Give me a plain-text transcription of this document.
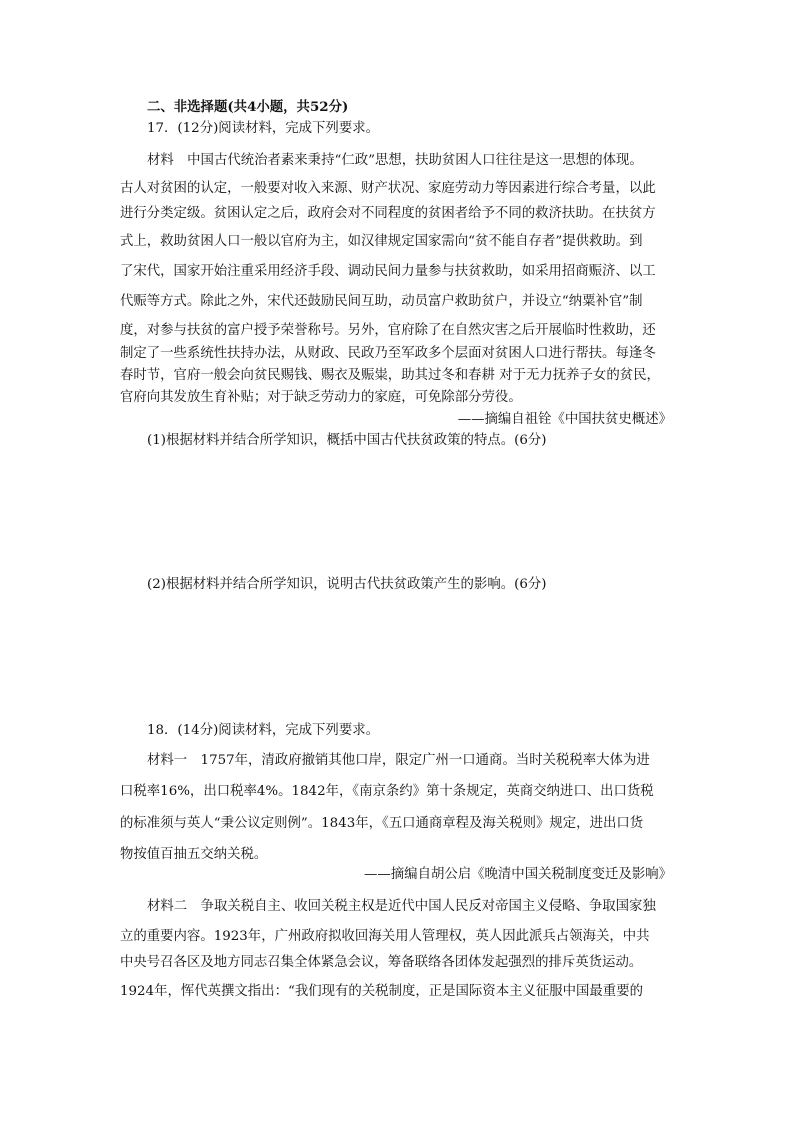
二、非选择题(共4小题，共52分)
17．(12分)阅读材料，完成下列要求。
材料　中国古代统治者素来秉持“仁政”思想，扶助贫困人口往往是这一思想的体现。
古人对贫困的认定，一般要对收入来源、财产状况、家庭劳动力等因素进行综合考量，以此
进行分类定级。贫困认定之后，政府会对不同程度的贫困者给予不同的救济扶助。在扶贫方
式上，救助贫困人口一般以官府为主，如汉律规定国家需向“贫不能自存者”提供救助。到
了宋代，国家开始注重采用经济手段、调动民间力量参与扶贫救助，如采用招商赈济、以工
代赈等方式。除此之外，宋代还鼓励民间互助，动员富户救助贫户，并设立“纳粟补官”制
度，对参与扶贫的富户授予荣誉称号。另外，官府除了在自然灾害之后开展临时性救助，还
制定了一些系统性扶持办法，从财政、民政乃至军政多个层面对贫困人口进行帮扶。每逢冬
春时节，官府一般会向贫民赐钱、赐衣及赈粜，助其过冬和春耕 对于无力抚养子女的贫民，
官府向其发放生育补贴；对于缺乏劳动力的家庭，可免除部分劳役。
——摘编自祖铨《中国扶贫史概述》
(1)根据材料并结合所学知识，概括中国古代扶贫政策的特点。(6分)
(2)根据材料并结合所学知识，说明古代扶贫政策产生的影响。(6分)
18．(14分)阅读材料，完成下列要求。
材料一　1757年，清政府撤销其他口岸，限定广州一口通商。当时关税税率大体为进
口税率16%，出口税率4%。1842年，《南京条约》第十条规定，英商交纳进口、出口货税
的标准须与英人“秉公议定则例”。1843年，《五口通商章程及海关税则》规定，进出口货
物按值百抽五交纳关税。
——摘编自胡公启《晚清中国关税制度变迁及影响》
材料二　争取关税自主、收回关税主权是近代中国人民反对帝国主义侵略、争取国家独
立的重要内容。1923年，广州政府拟收回海关用人管理权，英人因此派兵占领海关，中共
中央号召各区及地方同志召集全体紧急会议，筹备联络各团体发起强烈的排斥英货运动。
1924年，恽代英撰文指出：“我们现有的关税制度，正是国际资本主义征服中国最重要的
